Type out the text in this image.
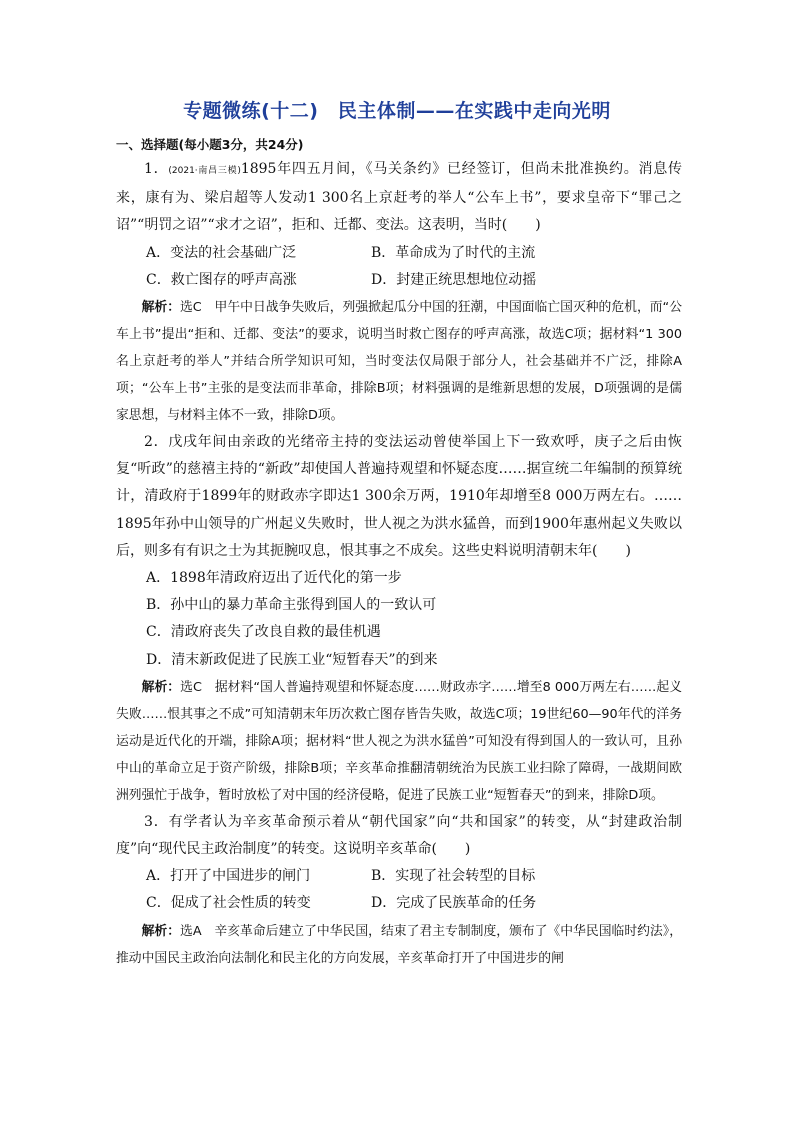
专题微练(十二)　民主体制——在实践中走向光明

一、选择题(每小题3分，共24分)

1．(2021·南昌三模)1895年四五月间，《马关条约》已经签订，但尚未批准换约。消息传来，康有为、梁启超等人发动1 300名上京赶考的举人“公车上书”，要求皇帝下“罪己之诏”“明罚之诏”“求才之诏”，拒和、迁都、变法。这表明，当时(　　)

A．变法的社会基础广泛	B．革命成为了时代的主流
C．救亡图存的呼声高涨	D．封建正统思想地位动摇

解析：选C　甲午中日战争失败后，列强掀起瓜分中国的狂潮，中国面临亡国灭种的危机，而“公车上书”提出“拒和、迁都、变法”的要求，说明当时救亡图存的呼声高涨，故选C项；据材料“1 300名上京赶考的举人”并结合所学知识可知，当时变法仅局限于部分人，社会基础并不广泛，排除A项；“公车上书”主张的是变法而非革命，排除B项；材料强调的是维新思想的发展，D项强调的是儒家思想，与材料主体不一致，排除D项。

2．戊戌年间由亲政的光绪帝主持的变法运动曾使举国上下一致欢呼，庚子之后由恢复“听政”的慈禧主持的“新政”却使国人普遍持观望和怀疑态度……据宣统二年编制的预算统计，清政府于1899年的财政赤字即达1 300余万两，1910年却增至8 000万两左右。……1895年孙中山领导的广州起义失败时，世人视之为洪水猛兽，而到1900年惠州起义失败以后，则多有有识之士为其扼腕叹息，恨其事之不成矣。这些史料说明清朝末年(　　)

A．1898年清政府迈出了近代化的第一步

B．孙中山的暴力革命主张得到国人的一致认可

C．清政府丧失了改良自救的最佳机遇

D．清末新政促进了民族工业“短暂春天”的到来

解析：选C　据材料“国人普遍持观望和怀疑态度……财政赤字……增至8 000万两左右……起义失败……恨其事之不成”可知清朝末年历次救亡图存皆告失败，故选C项；19世纪60—90年代的洋务运动是近代化的开端，排除A项；据材料“世人视之为洪水猛兽”可知没有得到国人的一致认可，且孙中山的革命立足于资产阶级，排除B项；辛亥革命推翻清朝统治为民族工业扫除了障碍，一战期间欧洲列强忙于战争，暂时放松了对中国的经济侵略，促进了民族工业“短暂春天”的到来，排除D项。

3．有学者认为辛亥革命预示着从“朝代国家”向“共和国家”的转变，从“封建政治制度”向“现代民主政治制度”的转变。这说明辛亥革命(　　)

A．打开了中国进步的闸门	B．实现了社会转型的目标
C．促成了社会性质的转变	D．完成了民族革命的任务

解析：选A　辛亥革命后建立了中华民国，结束了君主专制制度，颁布了《中华民国临时约法》，推动中国民主政治向法制化和民主化的方向发展，辛亥革命打开了中国进步的闸
